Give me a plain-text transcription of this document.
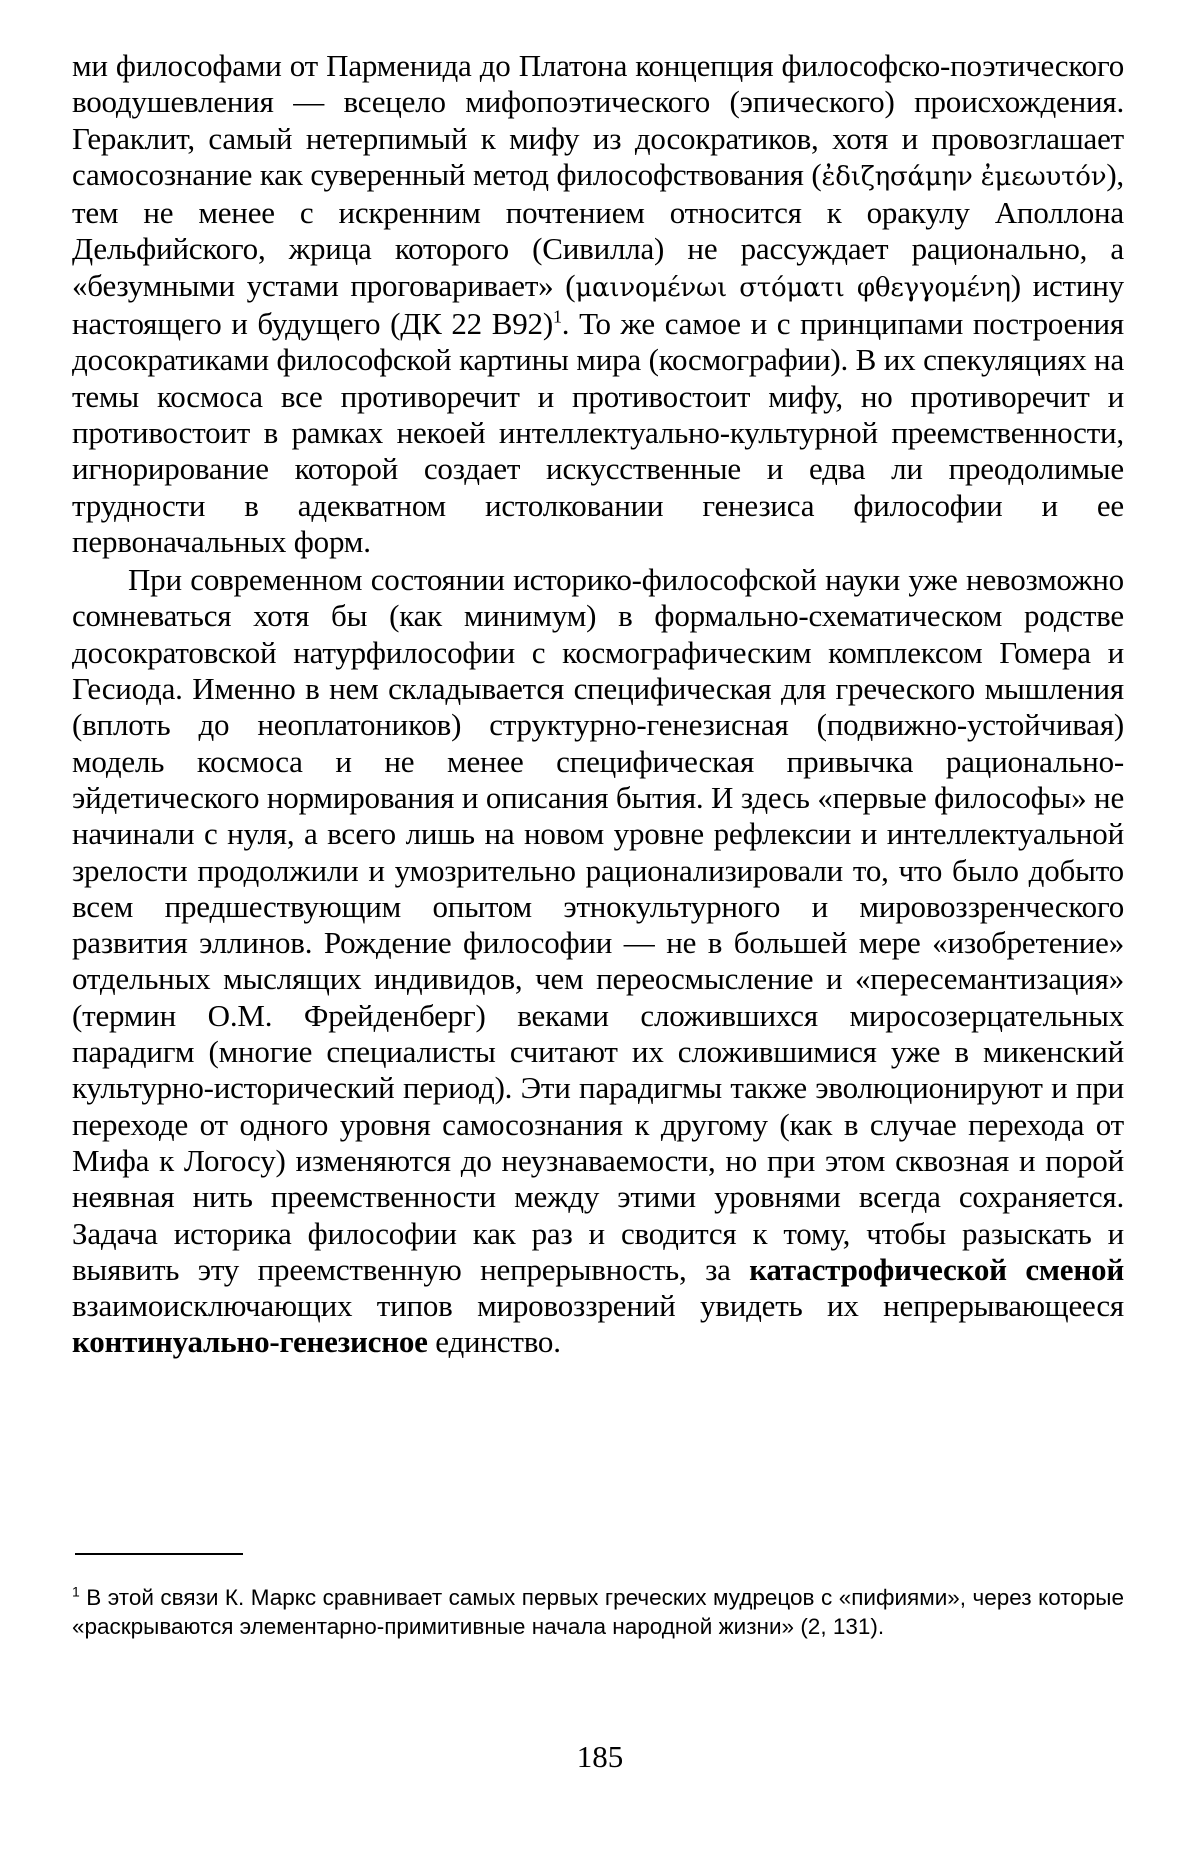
ми философами от Парменида до Платона концепция философско-поэтического воодушевления — всецело мифопоэтического (эпического) происхождения. Гераклит, самый нетерпимый к мифу из досократиков, хотя и провозглашает самосознание как суверенный метод философствования (ἐδιζησάμην ἐμεωυτόν), тем не менее с искренним почтением относится к оракулу Аполлона Дельфийского, жрица которого (Сивилла) не рассуждает рационально, а «безумными устами проговаривает» (μαινομένωι στόματι φθεγγομένη) истину настоящего и будущего (ДК 22 В92)$^1$. То же самое и с принципами построения досократиками философской картины мира (космографии). В их спекуляциях на темы космоса все противоречит и противостоит мифу, но противоречит и противостоит в рамках некоей интеллектуально-культурной преемственности, игнорирование которой создает искусственные и едва ли преодолимые трудности в адекватном истолковании генезиса философии и ее первоначальных форм.

При современном состоянии историко-философской науки уже невозможно сомневаться хотя бы (как минимум) в формально-схематическом родстве досократовской натурфилософии с космографическим комплексом Гомера и Гесиода. Именно в нем складывается специфическая для греческого мышления (вплоть до неоплатоников) структурно-генезисная (подвижно-устойчивая) модель космоса и не менее специфическая привычка рационально-эйдетического нормирования и описания бытия. И здесь «первые философы» не начинали с нуля, а всего лишь на новом уровне рефлексии и интеллектуальной зрелости продолжили и умозрительно рационализировали то, что было добыто всем предшествующим опытом этнокультурного и мировоззренческого развития эллинов. Рождение философии — не в большей мере «изобретение» отдельных мыслящих индивидов, чем переосмысление и «пересемантизация» (термин О.М. Фрейденберг) веками сложившихся миросозерцательных парадигм (многие специалисты считают их сложившимися уже в микенский культурно-исторический период). Эти парадигмы также эволюционируют и при переходе от одного уровня самосознания к другому (как в случае перехода от Мифа к Логосу) изменяются до неузнаваемости, но при этом сквозная и порой неявная нить преемственности между этими уровнями всегда сохраняется. Задача историка философии как раз и сводится к тому, чтобы разыскать и выявить эту преемственную непрерывность, за катастрофической сменой взаимоисключающих типов мировоззрений увидеть их непрерывающееся континуально-генезисное единство.

$^1$ В этой связи К. Маркс сравнивает самых первых греческих мудрецов с «пифиями», через которые «раскрываются элементарно-примитивные начала народной жизни» (2, 131).

185
